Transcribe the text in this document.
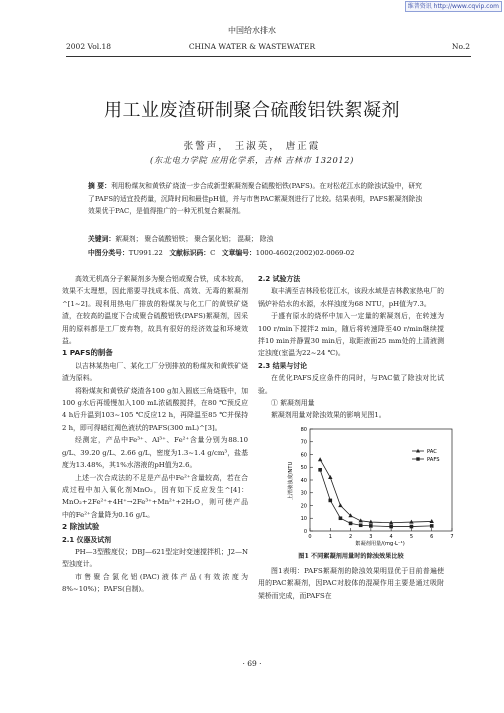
维普资讯 http://www.cqvip.com
中国给水排水
2002 Vol.18	CHINA WATER & WASTEWATER	No.2
用工业废渣研制聚合硫酸铝铁絮凝剂
张警声， 王淑英， 唐正霞
(东北电力学院 应用化学系，吉林 吉林市 132012)
摘 要：利用粉煤灰和黄铁矿烧渣一步合成新型絮凝剂聚合硫酸铝铁(PAFS)。在对松花江水的除浊试验中，研究了PAFS的适宜投药量，沉降时间和最佳pH值，并与市售PAC絮凝剂进行了比较。结果表明，PAFS絮凝剂除浊效果优于PAC，是值得推广的一种无机复合絮凝剂。
关键词：絮凝剂； 聚合硫酸铝铁； 聚合氯化铝； 混凝； 除浊
中图分类号：TU991.22 文献标识码：C 文章编号：1000-4602(2002)02-0069-02

高效无机高分子絮凝剂多为聚合铝或聚合铁，成本较高，效果不太理想，因此需要寻找成本低、高效、无毒的絮凝剂^[1~2]。现利用热电厂排放的粉煤灰与化工厂的黄铁矿烧渣，在较高的温度下合成聚合硫酸铝铁(PAFS)絮凝剂，因采用的原料都是工厂废弃物，故具有很好的经济效益和环境效益。

1 PAFS的制备

以吉林某热电厂、某化工厂分别排放的粉煤灰和黄铁矿烧渣为原料。

将粉煤灰和黄铁矿烧渣各100 g加入圆底三角烧瓶中，加100 g水后再缓慢加入100 mL浓硫酸搅拌，在80 ℃预反应4 h后升温到103~105 ℃反应12 h，再降温至85 ℃并保持2 h，即可得暗红褐色液状的PAFS(300 mL)^[3]。

经测定，产品中Fe³⁺、Al³⁺、Fe²⁺含量分别为88.10 g/L、39.20 g/L、2.66 g/L，密度为1.3~1.4 g/cm³，盐基度为13.48%，其1%水溶液的pH值为2.6。

上述一次合成法的不足是产品中Fe²⁺含量较高，若在合成过程中加入氧化剂MnO₂，因有如下反应发生^[4]：MnO₂+2Fe²⁺+4H⁺→2Fe³⁺+Mn²⁺+2H₂O，则可使产品中的Fe²⁺含量降为0.16 g/L。

2 除浊试验
2.1 仪器及试剂

PH—3型酸度仪；DBJ—621型定时变速搅拌机；J2—N型浊度计。

市售聚合氯化铝(PAC)液体产品(有效浓度为8%~10%)；PAFS(自制)。

2.2 试验方法

取丰满至吉林段松花江水，该段水域是吉林教家热电厂的锅炉补给水的水源，水样浊度为68 NTU，pH值为7.3。

于盛有原水的烧杯中加入一定量的絮凝剂后，在转速为100 r/min下搅拌2 min，随后将转速降至40 r/min继续搅拌10 min并静置30 min后，取距液面25 mm处的上清液测定浊度(室温为22~24 ℃)。

2.3 结果与讨论

在优化PAFS反应条件的同时，与PAC做了除浊对比试验。

① 絮凝剂用量

絮凝剂用量对除浊效果的影响见图1。

0
10
20
30
40
50
60
70
80
0	1	2	3	4	5	6	7
PAC
PAFS
絮凝剂用量/(mg·L⁻¹)
上清液浊度/NTU
图1 不同絮凝剂用量时的除浊效果比较

图1表明：PAFS絮凝剂的除浊效果明显优于目前普遍使用的PAC絮凝剂，因PAC对胶体的混凝作用主要是通过吸附架桥而完成，而PAFS在

· 69 ·
